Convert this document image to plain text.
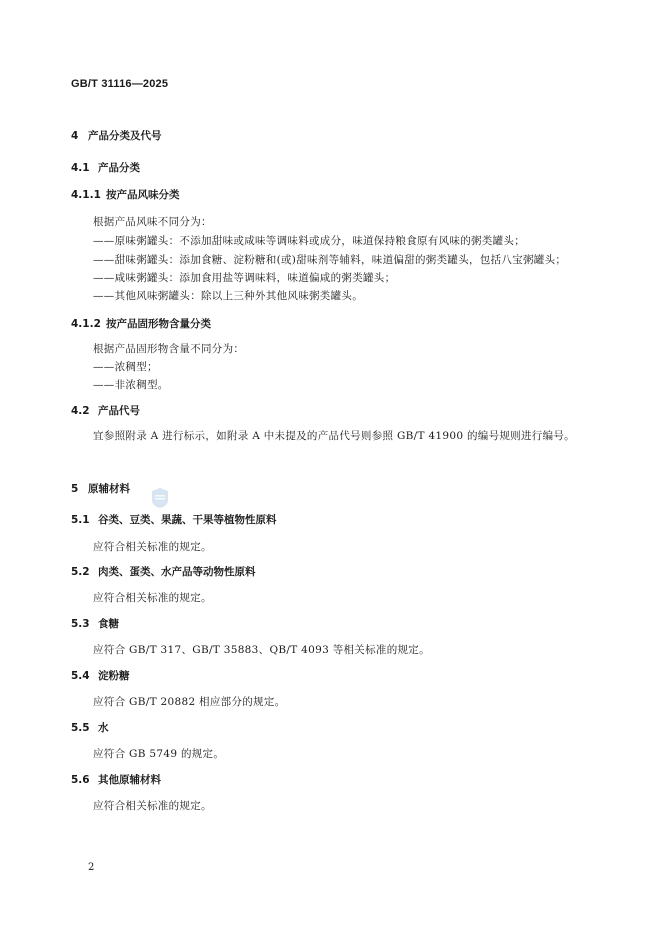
GB/T 31116—2025
4 产品分类及代号
4.1 产品分类
4.1.1 按产品风味分类
根据产品风味不同分为：
——原味粥罐头：不添加甜味或咸味等调味料或成分，味道保持粮食原有风味的粥类罐头；
——甜味粥罐头：添加食糖、淀粉糖和(或)甜味剂等辅料，味道偏甜的粥类罐头，包括八宝粥罐头；
——咸味粥罐头：添加食用盐等调味料，味道偏咸的粥类罐头；
——其他风味粥罐头：除以上三种外其他风味粥类罐头。
4.1.2 按产品固形物含量分类
根据产品固形物含量不同分为：
——浓稠型；
——非浓稠型。
4.2 产品代号
宜参照附录 A 进行标示，如附录 A 中未提及的产品代号则参照 GB/T 41900 的编号规则进行编号。
5 原辅材料
5.1 谷类、豆类、果蔬、干果等植物性原料
应符合相关标准的规定。
5.2 肉类、蛋类、水产品等动物性原料
应符合相关标准的规定。
5.3 食糖
应符合 GB/T 317、GB/T 35883、QB/T 4093 等相关标准的规定。
5.4 淀粉糖
应符合 GB/T 20882 相应部分的规定。
5.5 水
应符合 GB 5749 的规定。
5.6 其他原辅材料
应符合相关标准的规定。
2
